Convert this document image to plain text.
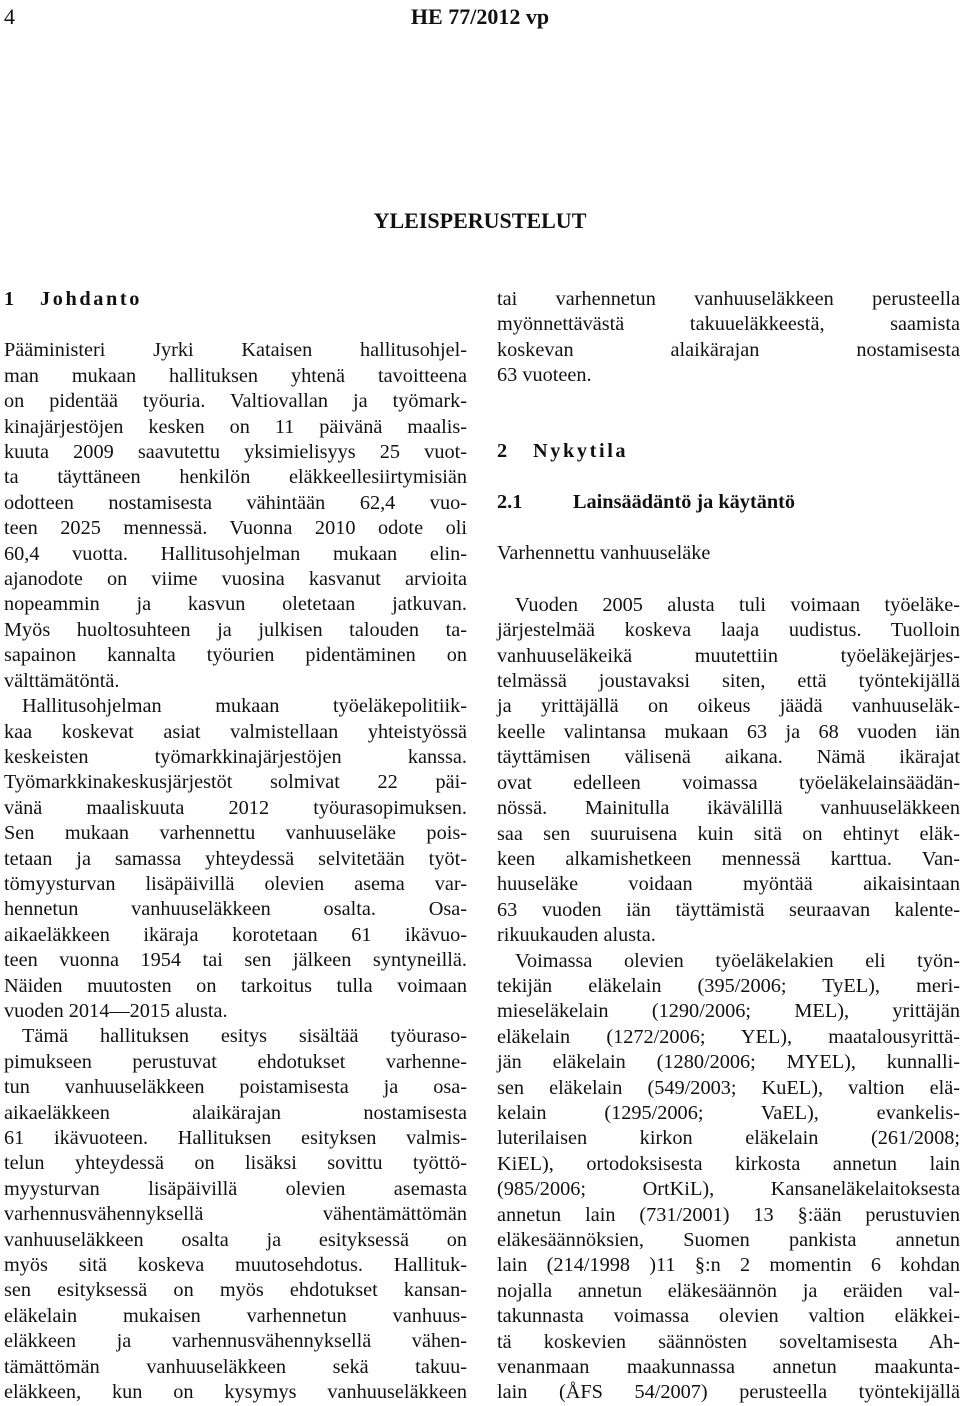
4	HE 77/2012 vp
YLEISPERUSTELUT

1 Johdanto

Pääministeri Jyrki Kataisen hallitusohjel-

man mukaan hallituksen yhtenä tavoitteena

on pidentää työuria. Valtiovallan ja työmark-

kinajärjestöjen kesken on 11 päivänä maalis-

kuuta 2009 saavutettu yksimielisyys 25 vuot-

ta täyttäneen henkilön eläkkeellesiirtymisiän

odotteen nostamisesta vähintään 62,4 vuo-

teen 2025 mennessä. Vuonna 2010 odote oli

60,4 vuotta. Hallitusohjelman mukaan elin-

ajanodote on viime vuosina kasvanut arvioita

nopeammin ja kasvun oletetaan jatkuvan.

Myös huoltosuhteen ja julkisen talouden ta-

sapainon kannalta työurien pidentäminen on

välttämätöntä.

Hallitusohjelman mukaan työeläkepolitiik-

kaa koskevat asiat valmistellaan yhteistyössä

keskeisten työmarkkinajärjestöjen kanssa.

Työmarkkinakeskusjärjestöt solmivat 22 päi-

vänä maaliskuuta 2012 työurasopimuksen.

Sen mukaan varhennettu vanhuuseläke pois-

tetaan ja samassa yhteydessä selvitetään työt-

tömyysturvan lisäpäivillä olevien asema var-

hennetun vanhuuseläkkeen osalta. Osa-

aikaeläkkeen ikäraja korotetaan 61 ikävuo-

teen vuonna 1954 tai sen jälkeen syntyneillä.

Näiden muutosten on tarkoitus tulla voimaan

vuoden 2014—2015 alusta.

Tämä hallituksen esitys sisältää työuraso-

pimukseen perustuvat ehdotukset varhenne-

tun vanhuuseläkkeen poistamisesta ja osa-

aikaeläkkeen alaikärajan nostamisesta

61 ikävuoteen. Hallituksen esityksen valmis-

telun yhteydessä on lisäksi sovittu työttö-

myysturvan lisäpäivillä olevien asemasta

varhennusvähennyksellä vähentämättömän

vanhuuseläkkeen osalta ja esityksessä on

myös sitä koskeva muutosehdotus. Hallituk-

sen esityksessä on myös ehdotukset kansan-

eläkelain mukaisen varhennetun vanhuus-

eläkkeen ja varhennusvähennyksellä vähen-

tämättömän vanhuuseläkkeen sekä takuu-

eläkkeen, kun on kysymys vanhuuseläkkeen

tai varhennetun vanhuuseläkkeen perusteella

myönnettävästä takuueläkkeestä, saamista

koskevan alaikärajan nostamisesta

63 vuoteen.

2 Nykytila

2.1 Lainsäädäntö ja käytäntö

Varhennettu vanhuuseläke

Vuoden 2005 alusta tuli voimaan työeläke-

järjestelmää koskeva laaja uudistus. Tuolloin

vanhuuseläkeikä muutettiin työeläkejärjes-

telmässä joustavaksi siten, että työntekijällä

ja yrittäjällä on oikeus jäädä vanhuuseläk-

keelle valintansa mukaan 63 ja 68 vuoden iän

täyttämisen välisenä aikana. Nämä ikärajat

ovat edelleen voimassa työeläkelainsäädän-

nössä. Mainitulla ikävälillä vanhuuseläkkeen

saa sen suuruisena kuin sitä on ehtinyt eläk-

keen alkamishetkeen mennessä karttua. Van-

huuseläke voidaan myöntää aikaisintaan

63 vuoden iän täyttämistä seuraavan kalente-

rikuukauden alusta.

Voimassa olevien työeläkelakien eli työn-

tekijän eläkelain (395/2006; TyEL), meri-

mieseläkelain (1290/2006; MEL), yrittäjän

eläkelain (1272/2006; YEL), maatalousyrittä-

jän eläkelain (1280/2006; MYEL), kunnalli-

sen eläkelain (549/2003; KuEL), valtion elä-

kelain (1295/2006; VaEL), evankelis-

luterilaisen kirkon eläkelain (261/2008;

KiEL), ortodoksisesta kirkosta annetun lain

(985/2006; OrtKiL), Kansaneläkelaitoksesta

annetun lain (731/2001) 13 §:ään perustuvien

eläkesäännöksien, Suomen pankista annetun

lain (214/1998 )11 §:n 2 momentin 6 kohdan

nojalla annetun eläkesäännön ja eräiden val-

takunnasta voimassa olevien valtion eläkkei-

tä koskevien säännösten soveltamisesta Ah-

venanmaan maakunnassa annetun maakunta-

lain (ÅFS 54/2007) perusteella työntekijällä
